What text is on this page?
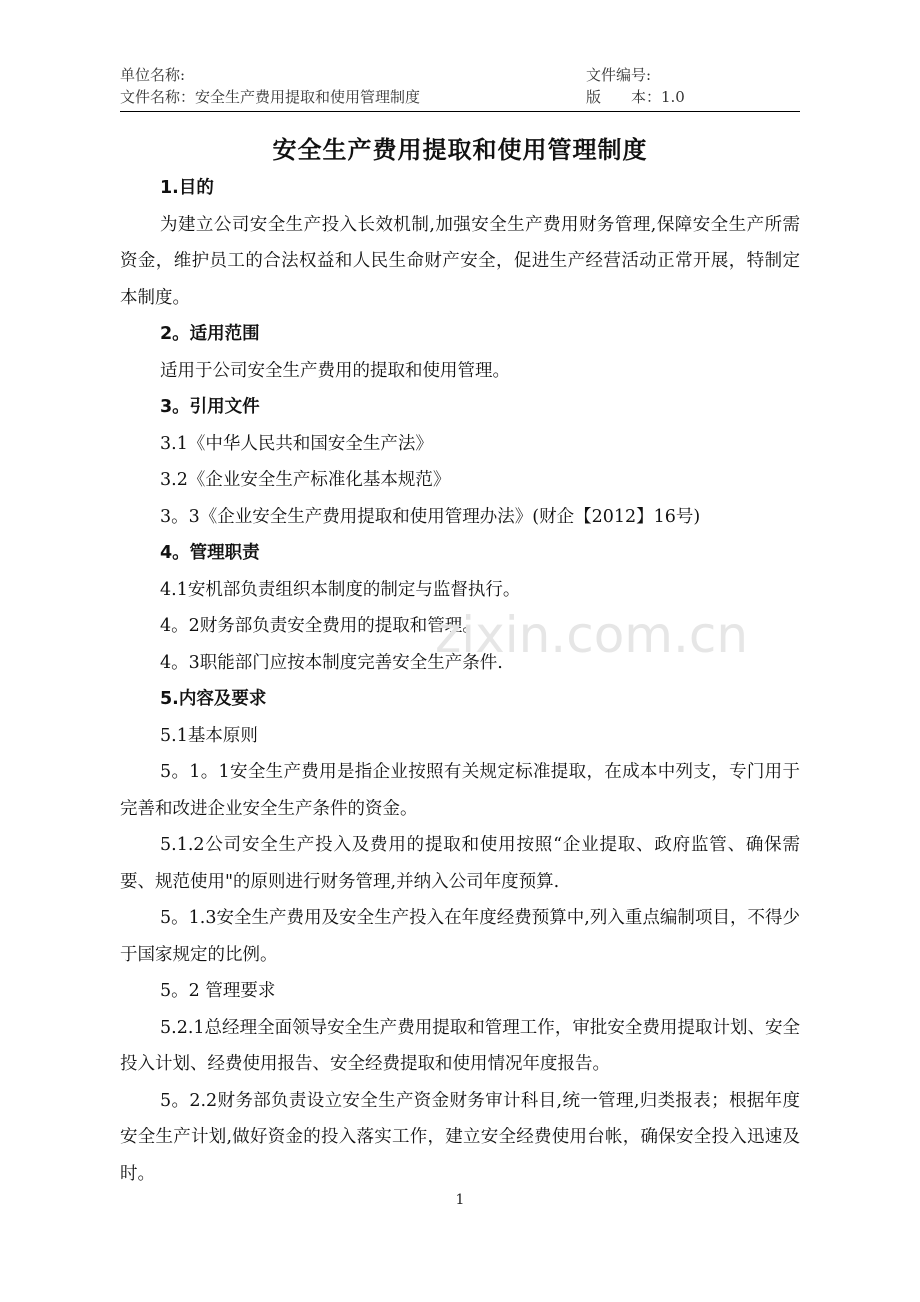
单位名称:	文件编号:
文件名称：安全生产费用提取和使用管理制度	版　　本：1.0
安全生产费用提取和使用管理制度

1.目的

为建立公司安全生产投入长效机制,加强安全生产费用财务管理,保障安全生产所需资金，维护员工的合法权益和人民生命财产安全，促进生产经营活动正常开展，特制定本制度。

2。适用范围

适用于公司安全生产费用的提取和使用管理。

3。引用文件

3.1《中华人民共和国安全生产法》

3.2《企业安全生产标准化基本规范》

3。3《企业安全生产费用提取和使用管理办法》(财企【2012】16号)

4。管理职责

4.1安机部负责组织本制度的制定与监督执行。

4。2财务部负责安全费用的提取和管理。

4。3职能部门应按本制度完善安全生产条件.

5.内容及要求

5.1基本原则

5。1。1安全生产费用是指企业按照有关规定标准提取，在成本中列支，专门用于完善和改进企业安全生产条件的资金。

5.1.2公司安全生产投入及费用的提取和使用按照“企业提取、政府监管、确保需要、规范使用"的原则进行财务管理,并纳入公司年度预算.

5。1.3安全生产费用及安全生产投入在年度经费预算中,列入重点编制项目，不得少于国家规定的比例。

5。2 管理要求

5.2.1总经理全面领导安全生产费用提取和管理工作，审批安全费用提取计划、安全投入计划、经费使用报告、安全经费提取和使用情况年度报告。

5。2.2财务部负责设立安全生产资金财务审计科目,统一管理,归类报表；根据年度安全生产计划,做好资金的投入落实工作，建立安全经费使用台帐，确保安全投入迅速及时。

zixin.com.cn
1
